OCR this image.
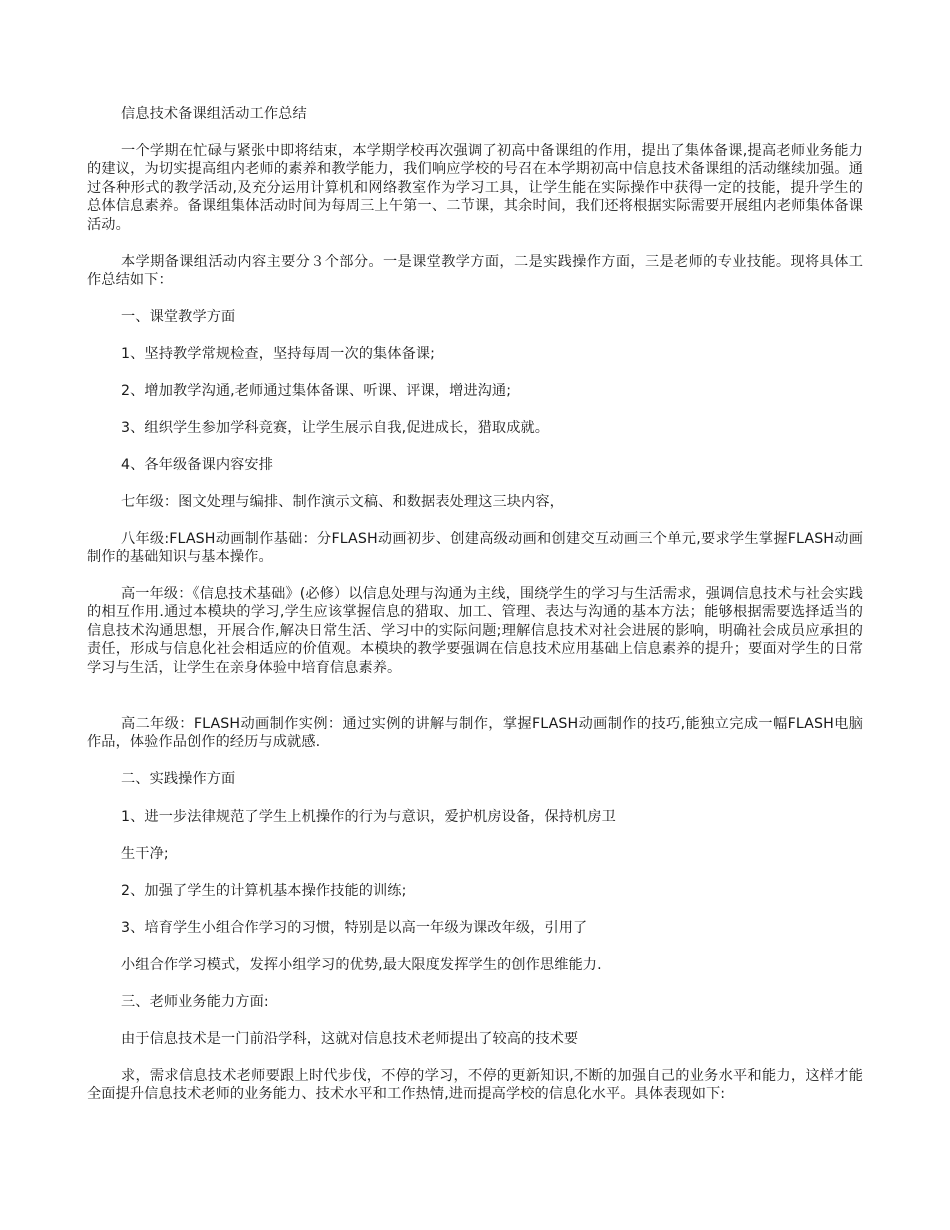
信息技术备课组活动工作总结

一个学期在忙碌与紧张中即将结束，本学期学校再次强调了初高中备课组的作用，提出了集体备课,提高老师业务能力的建议，为切实提高组内老师的素养和教学能力，我们响应学校的号召在本学期初高中信息技术备课组的活动继续加强。通过各种形式的教学活动,及充分运用计算机和网络教室作为学习工具，让学生能在实际操作中获得一定的技能，提升学生的总体信息素养。备课组集体活动时间为每周三上午第一、二节课，其余时间，我们还将根据实际需要开展组内老师集体备课活动。

本学期备课组活动内容主要分３个部分。一是课堂教学方面，二是实践操作方面，三是老师的专业技能。现将具体工作总结如下：

一、课堂教学方面

1、坚持教学常规检查，坚持每周一次的集体备课;

2、增加教学沟通,老师通过集体备课、听课、评课，增进沟通;

3、组织学生参加学科竞赛，让学生展示自我,促进成长，猎取成就。

4、各年级备课内容安排

七年级：图文处理与编排、制作演示文稿、和数据表处理这三块内容，

八年级:FLASH动画制作基础：分FLASH动画初步、创建高级动画和创建交互动画三个单元,要求学生掌握FLASH动画制作的基础知识与基本操作。

高一年级：《信息技术基础》(必修）以信息处理与沟通为主线，围绕学生的学习与生活需求，强调信息技术与社会实践的相互作用.通过本模块的学习,学生应该掌握信息的猎取、加工、管理、表达与沟通的基本方法；能够根据需要选择适当的信息技术沟通思想，开展合作,解决日常生活、学习中的实际问题;理解信息技术对社会进展的影响，明确社会成员应承担的责任，形成与信息化社会相适应的价值观。本模块的教学要强调在信息技术应用基础上信息素养的提升；要面对学生的日常学习与生活，让学生在亲身体验中培育信息素养。

高二年级：FLASH动画制作实例：通过实例的讲解与制作，掌握FLASH动画制作的技巧,能独立完成一幅FLASH电脑作品，体验作品创作的经历与成就感.

二、实践操作方面

1、进一步法律规范了学生上机操作的行为与意识，爱护机房设备，保持机房卫

生干净;

2、加强了学生的计算机基本操作技能的训练;

3、培育学生小组合作学习的习惯，特别是以高一年级为课改年级，引用了

小组合作学习模式，发挥小组学习的优势,最大限度发挥学生的创作思维能力.

三、老师业务能力方面:

由于信息技术是一门前沿学科，这就对信息技术老师提出了较高的技术要

求，需求信息技术老师要跟上时代步伐，不停的学习，不停的更新知识,不断的加强自己的业务水平和能力，这样才能全面提升信息技术老师的业务能力、技术水平和工作热情,进而提高学校的信息化水平。具体表现如下:
